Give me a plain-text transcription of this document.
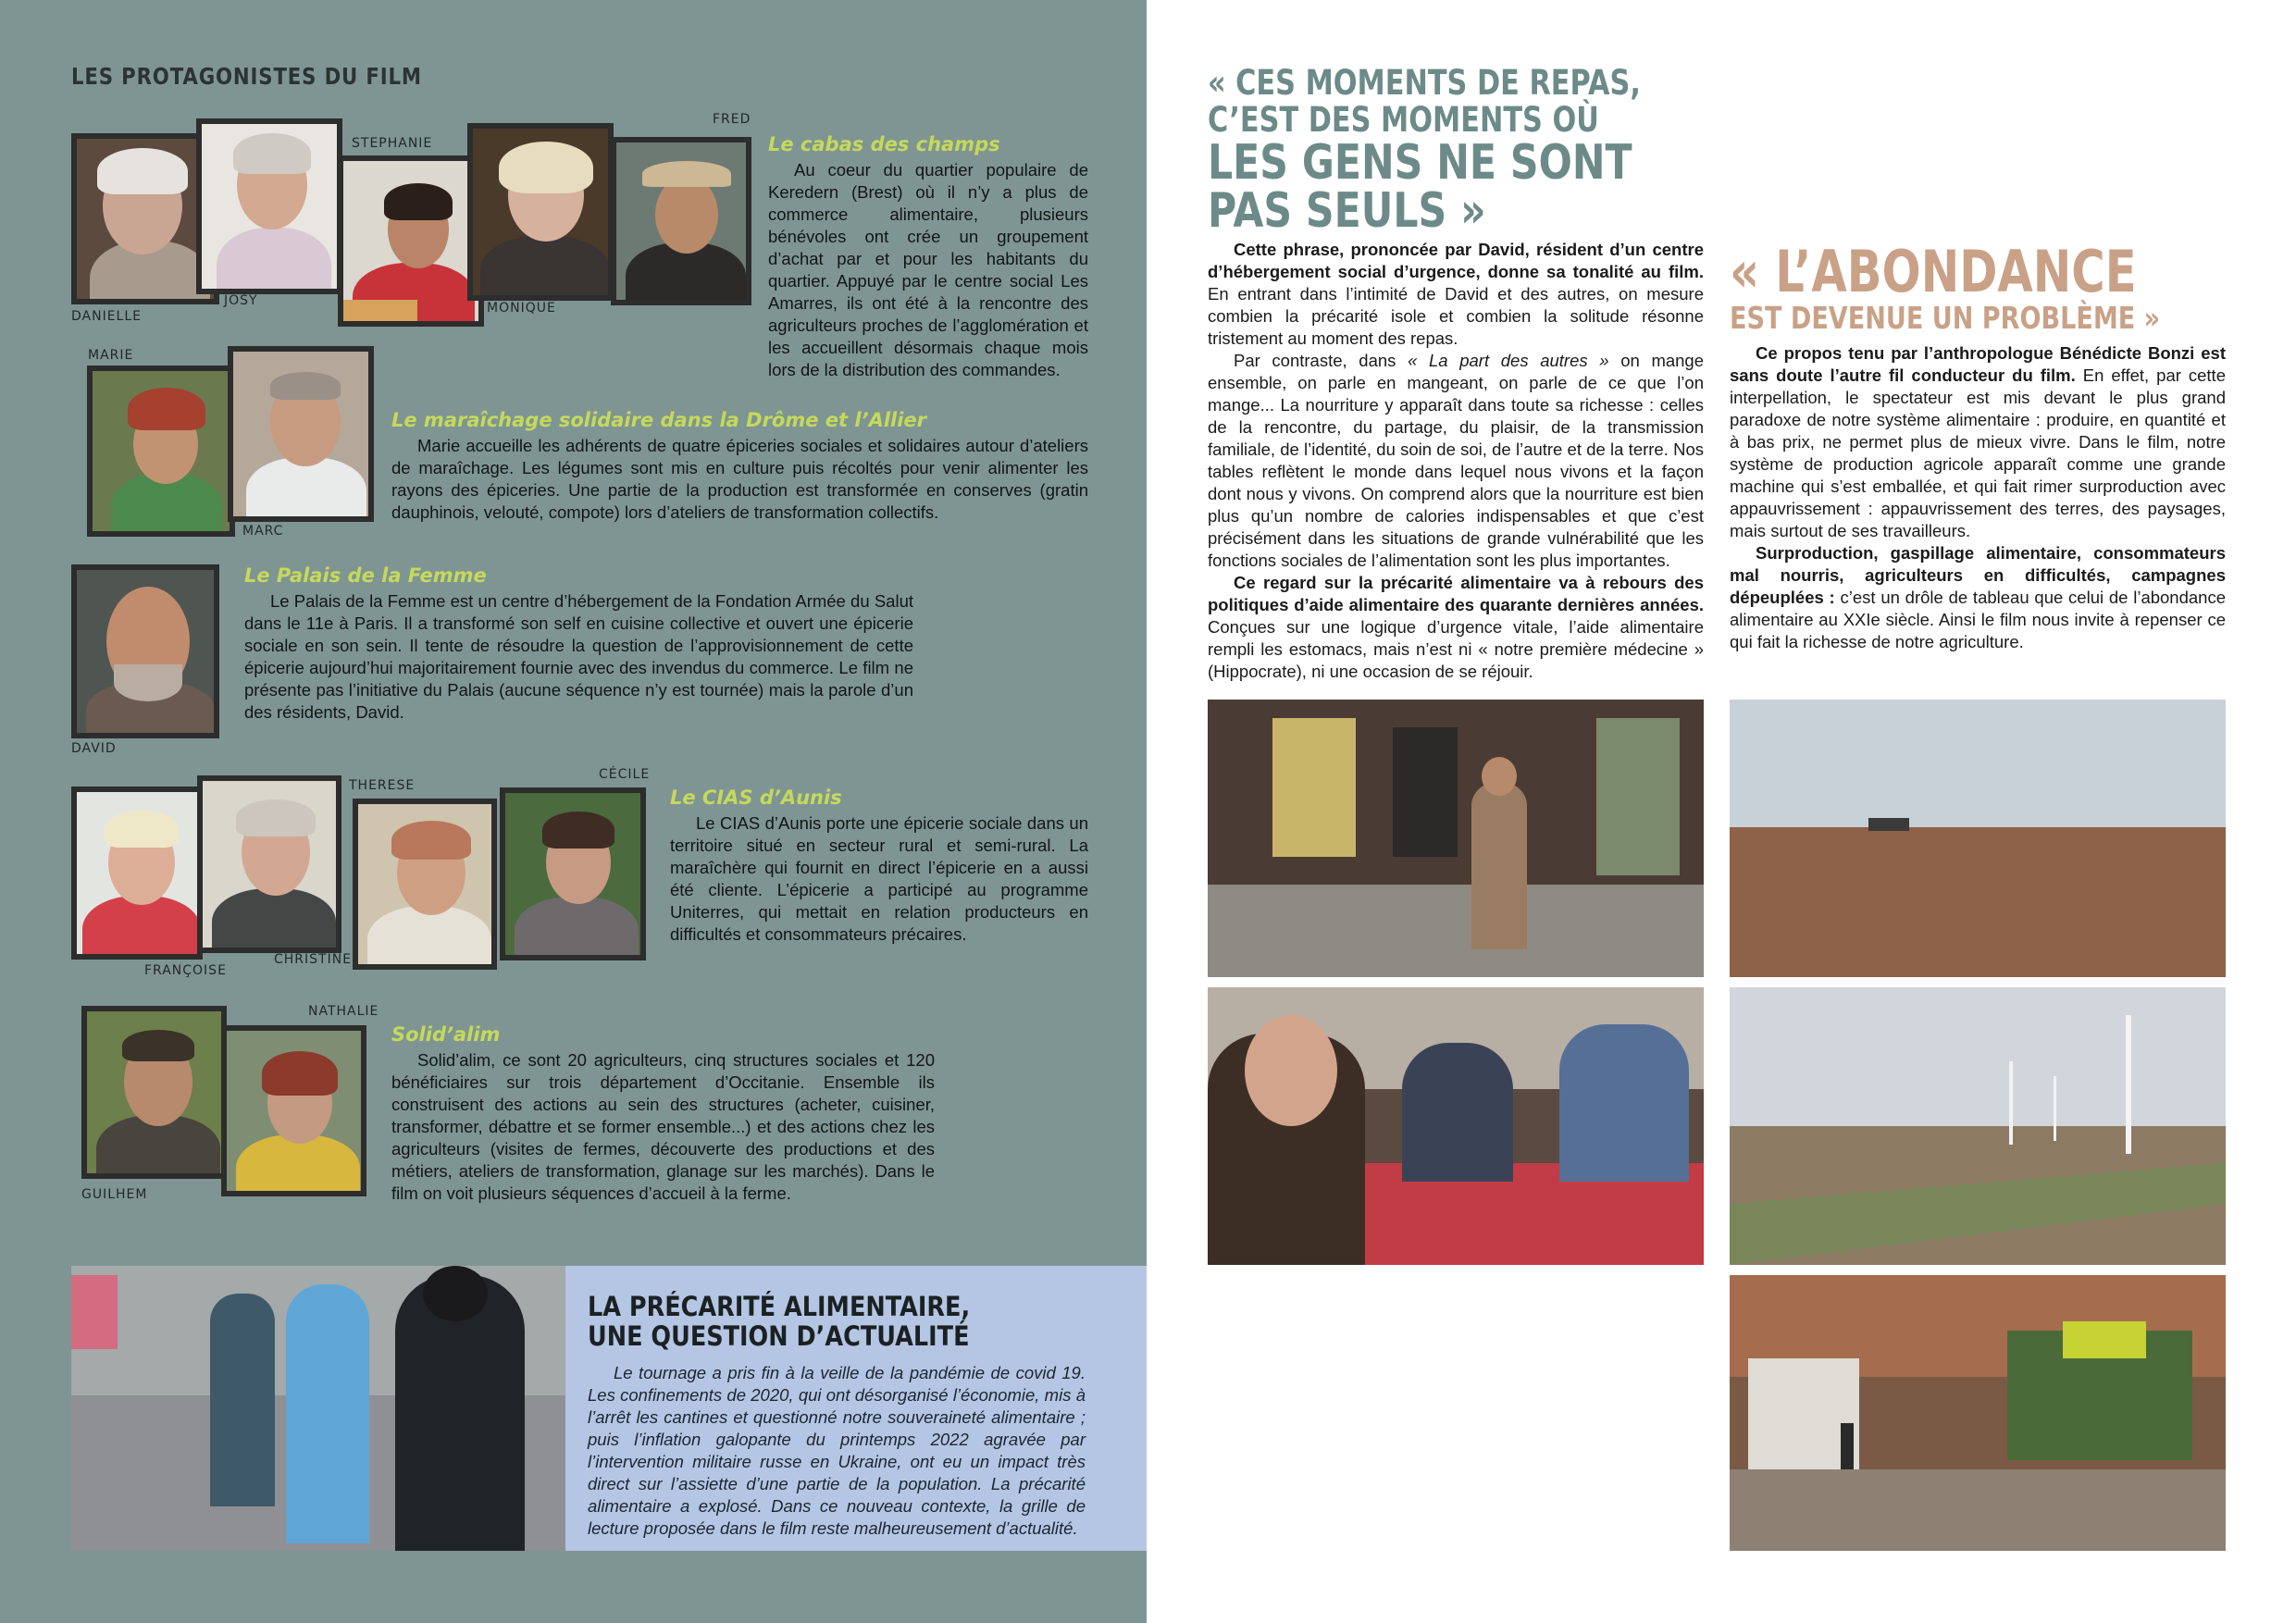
LES PROTAGONISTES DU FILM
DANIELLE
JOSY
STEPHANIE
MONIQUE
FRED
Le cabas des champs
Au coeur du quartier populaire de Keredern (Brest) où il n’y a plus de commerce alimentaire, plusieurs bénévoles ont crée un groupement d’achat par et pour les habitants du quartier. Appuyé par le centre social Les Amarres, ils ont été à la rencontre des agriculteurs proches de l’agglomération et les accueillent désormais chaque mois lors de la distribution des commandes.
MARIE
MARC
Le maraîchage solidaire dans la Drôme et l’Allier
Marie accueille les adhérents de quatre épiceries sociales et solidaires autour d’ateliers de maraîchage. Les légumes sont mis en culture puis récoltés pour venir alimenter les rayons des épiceries. Une partie de la production est transformée en conserves (gratin dauphinois, velouté, compote) lors d’ateliers de transformation collectifs.
DAVID
Le Palais de la Femme
Le Palais de la Femme est un centre d’hébergement de la Fondation Armée du Salut dans le 11e à Paris. Il a transformé son self en cuisine collective et ouvert une épicerie sociale en son sein. Il tente de résoudre la question de l’approvisionnement de cette épicerie aujourd’hui majoritairement fournie avec des invendus du commerce. Le film ne présente pas l’initiative du Palais (aucune séquence n’y est tournée) mais la parole d’un des résidents, David.
FRANÇOISE
CHRISTINE
THERESE
CÉCILE
Le CIAS d’Aunis
Le CIAS d’Aunis porte une épicerie sociale dans un territoire situé en secteur rural et semi-rural. La maraîchère qui fournit en direct l’épicerie en a aussi été cliente. L’épicerie a participé au programme Uniterres, qui mettait en relation producteurs en difficultés et consommateurs précaires.
GUILHEM
NATHALIE
Solid’alim
Solid’alim, ce sont 20 agriculteurs, cinq structures sociales et 120 bénéficiaires sur trois département d’Occitanie. Ensemble ils construisent des actions au sein des structures (acheter, cuisiner, transformer, débattre et se former ensemble...) et des actions chez les agriculteurs (visites de fermes, découverte des productions et des métiers, ateliers de transformation, glanage sur les marchés). Dans le film on voit plusieurs séquences d’accueil à la ferme.
LA PRÉCARITÉ ALIMENTAIRE,
UNE QUESTION D’ACTUALITÉ
Le tournage a pris fin à la veille de la pandémie de covid 19. Les confinements de 2020, qui ont désorganisé l’économie, mis à l’arrêt les cantines et questionné notre souveraineté alimentaire ; puis l’inflation galopante du printemps 2022 agravée par l’intervention militaire russe en Ukraine, ont eu un impact très direct sur l’assiette d’une partie de la population. La précarité alimentaire a explosé. Dans ce nouveau contexte, la grille de lecture proposée dans le film reste malheureusement d’actualité.
« CES MOMENTS DE REPAS,
C’EST DES MOMENTS OÙ
LES GENS NE SONT
PAS SEULS »
« L’ABONDANCE
EST DEVENUE UN PROBLÈME »

Cette phrase, prononcée par David, résident d’un centre d’hébergement social d’urgence, donne sa tonalité au film. En entrant dans l’intimité de David et des autres, on mesure combien la précarité isole et combien la solitude résonne tristement au moment des repas.

Par contraste, dans « La part des autres » on mange ensemble, on parle en mangeant, on parle de ce que l’on mange... La nourriture y apparaît dans toute sa richesse : celles de la rencontre, du partage, du plaisir, de la transmission familiale, de l’identité, du soin de soi, de l’autre et de la terre. Nos tables reflètent le monde dans lequel nous vivons et la façon dont nous y vivons. On comprend alors que la nourriture est bien plus qu’un nombre de calories indispensables et que c’est précisément dans les situations de grande vulnérabilité que les fonctions sociales de l’alimentation sont les plus importantes.

Ce regard sur la précarité alimentaire va à rebours des politiques d’aide alimentaire des quarante dernières années. Conçues sur une logique d’urgence vitale, l’aide alimentaire rempli les estomacs, mais n’est ni « notre première médecine » (Hippocrate), ni une occasion de se réjouir.

Ce propos tenu par l’anthropologue Bénédicte Bonzi est sans doute l’autre fil conducteur du film. En effet, par cette interpellation, le spectateur est mis devant le plus grand paradoxe de notre système alimentaire : produire, en quantité et à bas prix, ne permet plus de mieux vivre. Dans le film, notre système de production agricole apparaît comme une grande machine qui s’est emballée, et qui fait rimer surproduction avec appauvrissement : appauvrissement des terres, des paysages, mais surtout de ses travailleurs.

Surproduction, gaspillage alimentaire, consommateurs mal nourris, agriculteurs en difficultés, campagnes dépeuplées : c’est un drôle de tableau que celui de l’abondance alimentaire au XXIe siècle. Ainsi le film nous invite à repenser ce qui fait la richesse de notre agriculture.
